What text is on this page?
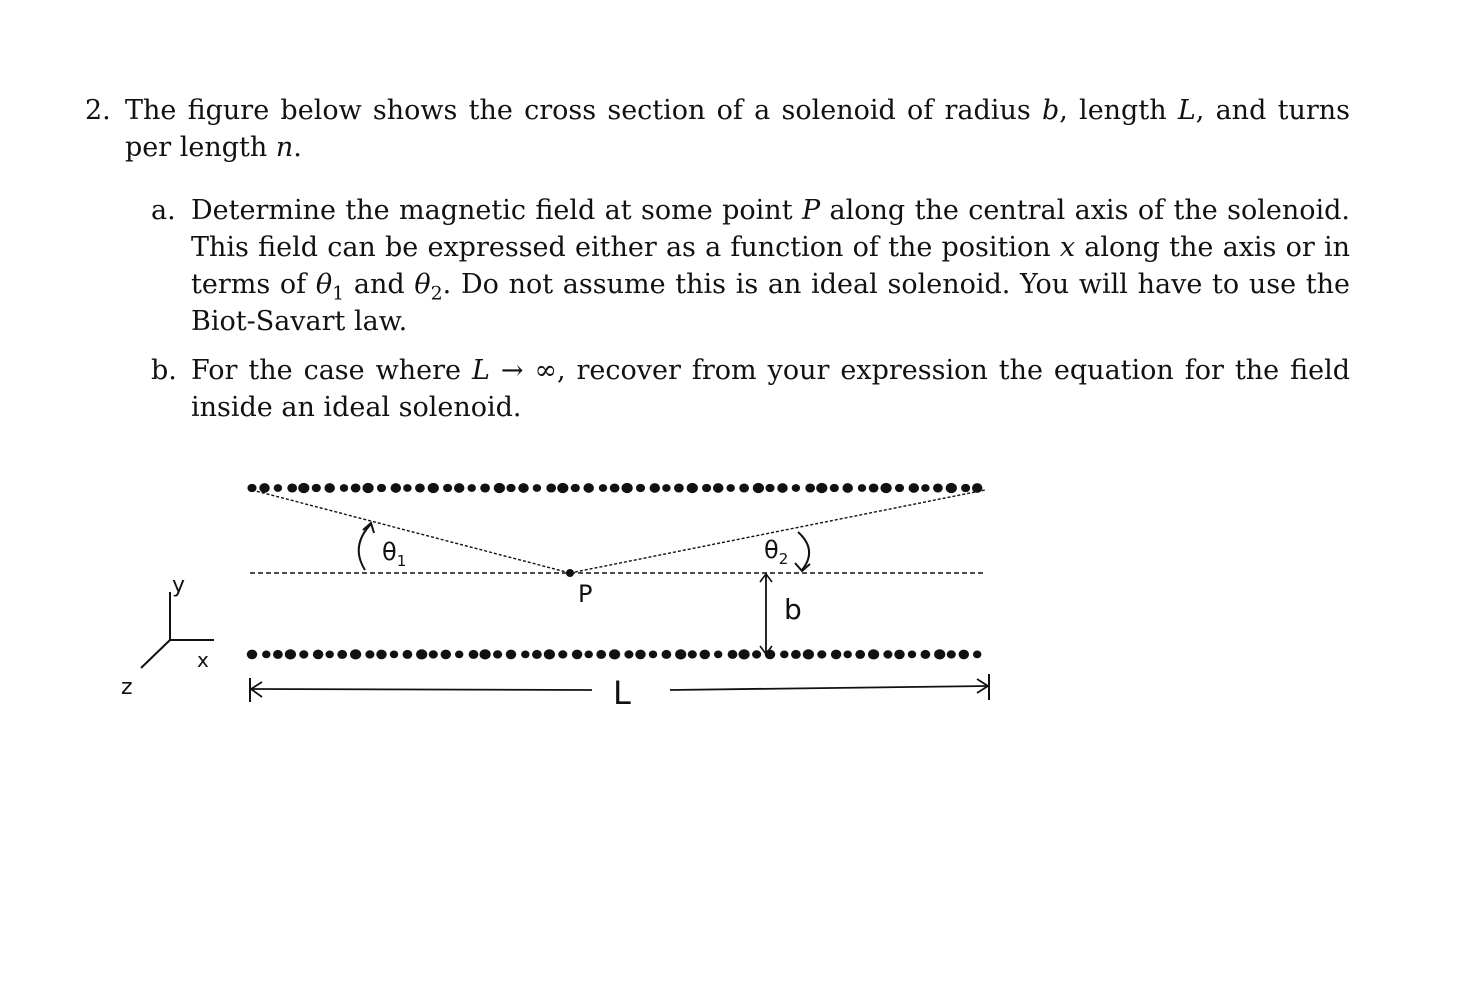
2. The figure below shows the cross section of a solenoid of radius b, length L, and turns per length n.
a. Determine the magnetic field at some point P along the central axis of the solenoid. This field can be expressed either as a function of the position x along the axis or in terms of $\theta_1$ and $\theta_2$. Do not assume this is an ideal solenoid. You will have to use the Biot-Savart law.
b. For the case where L → ∞, recover from your expression the equation for the field inside an ideal solenoid.
P
$\theta_1$	$\theta_2$
b
L
y
x
z
